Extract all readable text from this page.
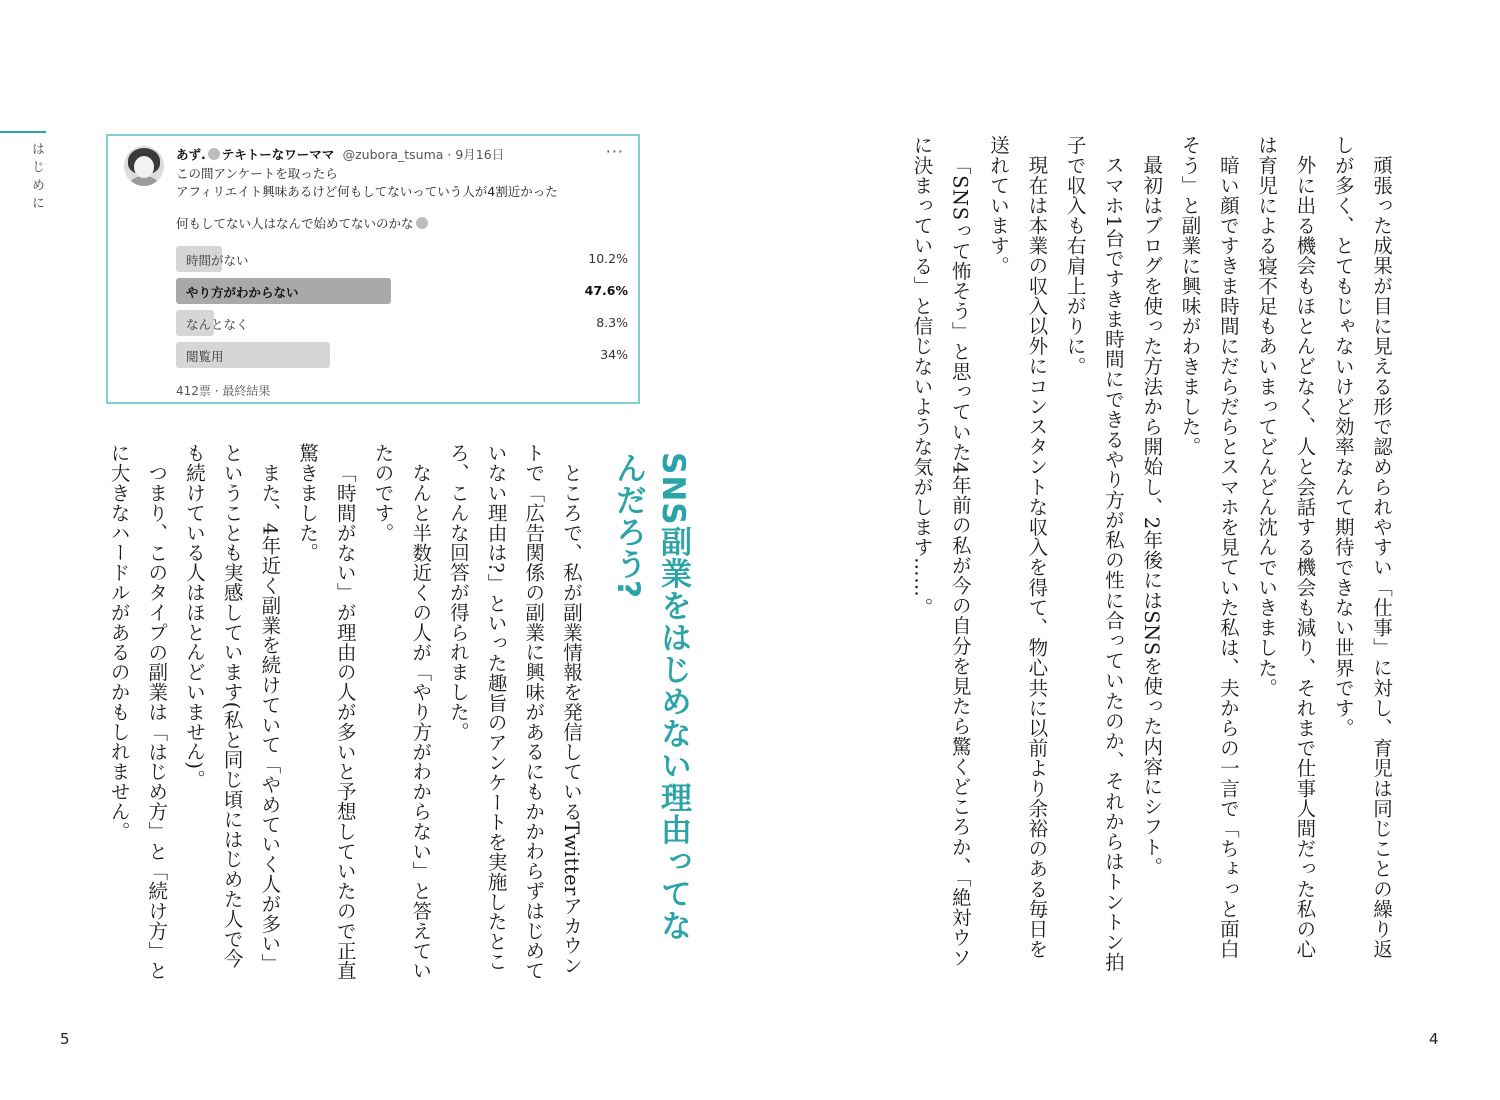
はじめに	あず. テキトーなワーママ @zubora_tsuma · 9月16日	···
この間アンケートを取ったら
アフィリエイト興味あるけど何もしてないっていう人が4割近かった
何もしてない人はなんで始めてないのかな
時間がない	10.2%
やり方がわからない	47.6%
なんとなく	8.3%
閲覧用	34%
412票 · 最終結果
SNS副業をはじめない理由ってなんだろう?

ところで、私が副業情報を発信しているTwitterアカウントで「広告関係の副業に興味があるにもかかわらずはじめていない理由は?」といった趣旨のアンケートを実施したところ、こんな回答が得られました。

なんと半数近くの人が「やり方がわからない」と答えていたのです。

「時間がない」が理由の人が多いと予想していたので正直驚きました。

また、4年近く副業を続けていて「やめていく人が多い」ということも実感しています(私と同じ頃にはじめた人で今も続けている人はほとんどいません)。

つまり、このタイプの副業は「はじめ方」と「続け方」とに大きなハードルがあるのかもしれません。	頑張った成果が目に見える形で認められやすい「仕事」に対し、育児は同じことの繰り返しが多く、とてもじゃないけど効率なんて期待できない世界です。

外に出る機会もほとんどなく、人と会話する機会も減り、それまで仕事人間だった私の心は育児による寝不足もあいまってどんどん沈んでいきました。

暗い顔ですきま時間にだらだらとスマホを見ていた私は、夫からの一言で「ちょっと面白そう」と副業に興味がわきました。

最初はブログを使った方法から開始し、2年後にはSNSを使った内容にシフト。

スマホ1台ですきま時間にできるやり方が私の性に合っていたのか、それからはトントン拍子で収入も右肩上がりに。

現在は本業の収入以外にコンスタントな収入を得て、物心共に以前より余裕のある毎日を送れています。

「SNSって怖そう」と思っていた4年前の私が今の自分を見たら驚くどころか、「絶対ウソに決まっている」と信じないような気がします……。

5	4
